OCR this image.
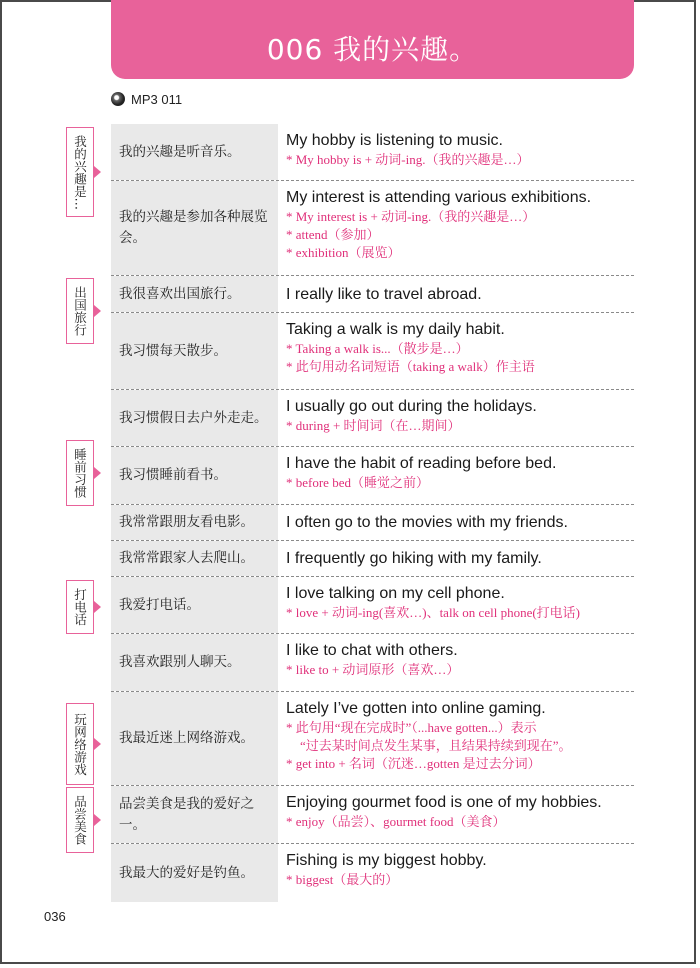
006 我的兴趣。
MP3 011
我的兴趣是…
出国旅行
睡前习惯
打电话
玩网络游戏
品尝美食
我的兴趣是听音乐。
My hobby is listening to music.
* My hobby is + 动词-ing.（我的兴趣是…）
我的兴趣是参加各种展览会。
My interest is attending various exhibitions.
* My interest is + 动词-ing.（我的兴趣是…）
* attend（参加）
* exhibition（展览）
我很喜欢出国旅行。	I really like to travel abroad.
我习惯每天散步。
Taking a walk is my daily habit.
* Taking a walk is...（散步是…）
* 此句用动名词短语（taking a walk）作主语
我习惯假日去户外走走。
I usually go out during the holidays.
* during + 时间词（在…期间）
我习惯睡前看书。
I have the habit of reading before bed.
* before bed（睡觉之前）
我常常跟朋友看电影。	I often go to the movies with my friends.
我常常跟家人去爬山。	I frequently go hiking with my family.
我爱打电话。
I love talking on my cell phone.
* love + 动词-ing(喜欢…)、talk on cell phone(打电话)
我喜欢跟别人聊天。
I like to chat with others.
* like to + 动词原形（喜欢…）
我最近迷上网络游戏。
Lately I’ve gotten into online gaming.
* 此句用“现在完成时”（...have gotten...）表示
“过去某时间点发生某事，且结果持续到现在”。
* get into + 名词（沉迷…gotten 是过去分词）
品尝美食是我的爱好之一。
Enjoying gourmet food is one of my hobbies.
* enjoy（品尝）、gourmet food（美食）
我最大的爱好是钓鱼。
Fishing is my biggest hobby.
* biggest（最大的）
036
